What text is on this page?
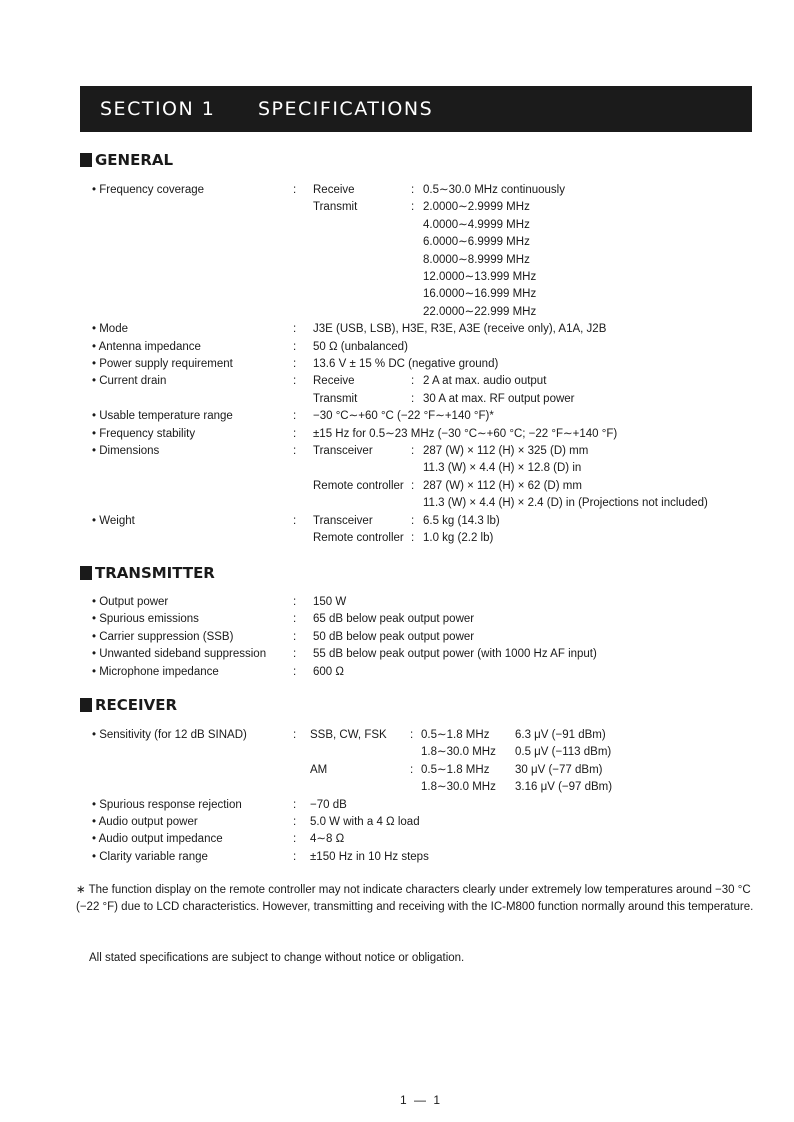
SECTION 1	SPECIFICATIONS
GENERAL
• Frequency coverage	: Receive	: 0.5∼30.0 MHz continuously
Transmit	: 2.0000∼2.9999 MHz
4.0000∼4.9999 MHz
6.0000∼6.9999 MHz
8.0000∼8.9999 MHz
12.0000∼13.999 MHz
16.0000∼16.999 MHz
22.0000∼22.999 MHz
• Mode	: J3E (USB, LSB), H3E, R3E, A3E (receive only), A1A, J2B
• Antenna impedance	: 50 Ω (unbalanced)
• Power supply requirement	: 13.6 V ± 15 % DC (negative ground)
• Current drain	: Receive	: 2 A at max. audio output
Transmit	: 30 A at max. RF output power
• Usable temperature range	: −30 °C∼+60 °C (−22 °F∼+140 °F)*
• Frequency stability	: ±15 Hz for 0.5∼23 MHz (−30 °C∼+60 °C; −22 °F∼+140 °F)
• Dimensions	: Transceiver	: 287 (W) × 112 (H) × 325 (D) mm
11.3 (W) × 4.4 (H) × 12.8 (D) in
Remote controller : 287 (W) × 112 (H) × 62 (D) mm
11.3 (W) × 4.4 (H) × 2.4 (D) in (Projections not included)
• Weight	: Transceiver	: 6.5 kg (14.3 lb)
Remote controller : 1.0 kg (2.2 lb)
TRANSMITTER
• Output power	: 150 W
• Spurious emissions	: 65 dB below peak output power
• Carrier suppression (SSB)	: 50 dB below peak output power
• Unwanted sideband suppression : 55 dB below peak output power (with 1000 Hz AF input)
• Microphone impedance	: 600 Ω
RECEIVER
• Sensitivity (for 12 dB SINAD)	: SSB, CW, FSK : 0.5∼1.8 MHz 6.3 μV (−91 dBm)
1.8∼30.0 MHz 0.5 μV (−113 dBm)
AM	: 0.5∼1.8 MHz 30 μV (−77 dBm)
1.8∼30.0 MHz 3.16 μV (−97 dBm)
• Spurious response rejection	: −70 dB
• Audio output power	: 5.0 W with a 4 Ω load
• Audio output impedance	: 4∼8 Ω
• Clarity variable range	: ±150 Hz in 10 Hz steps
∗ The function display on the remote controller may not indicate characters clearly under extremely low temperatures around −30 °C (−22 °F) due to LCD characteristics. However, transmitting and receiving with the IC-M800 function normally around this temperature.
All stated specifications are subject to change without notice or obligation.
1 — 1
